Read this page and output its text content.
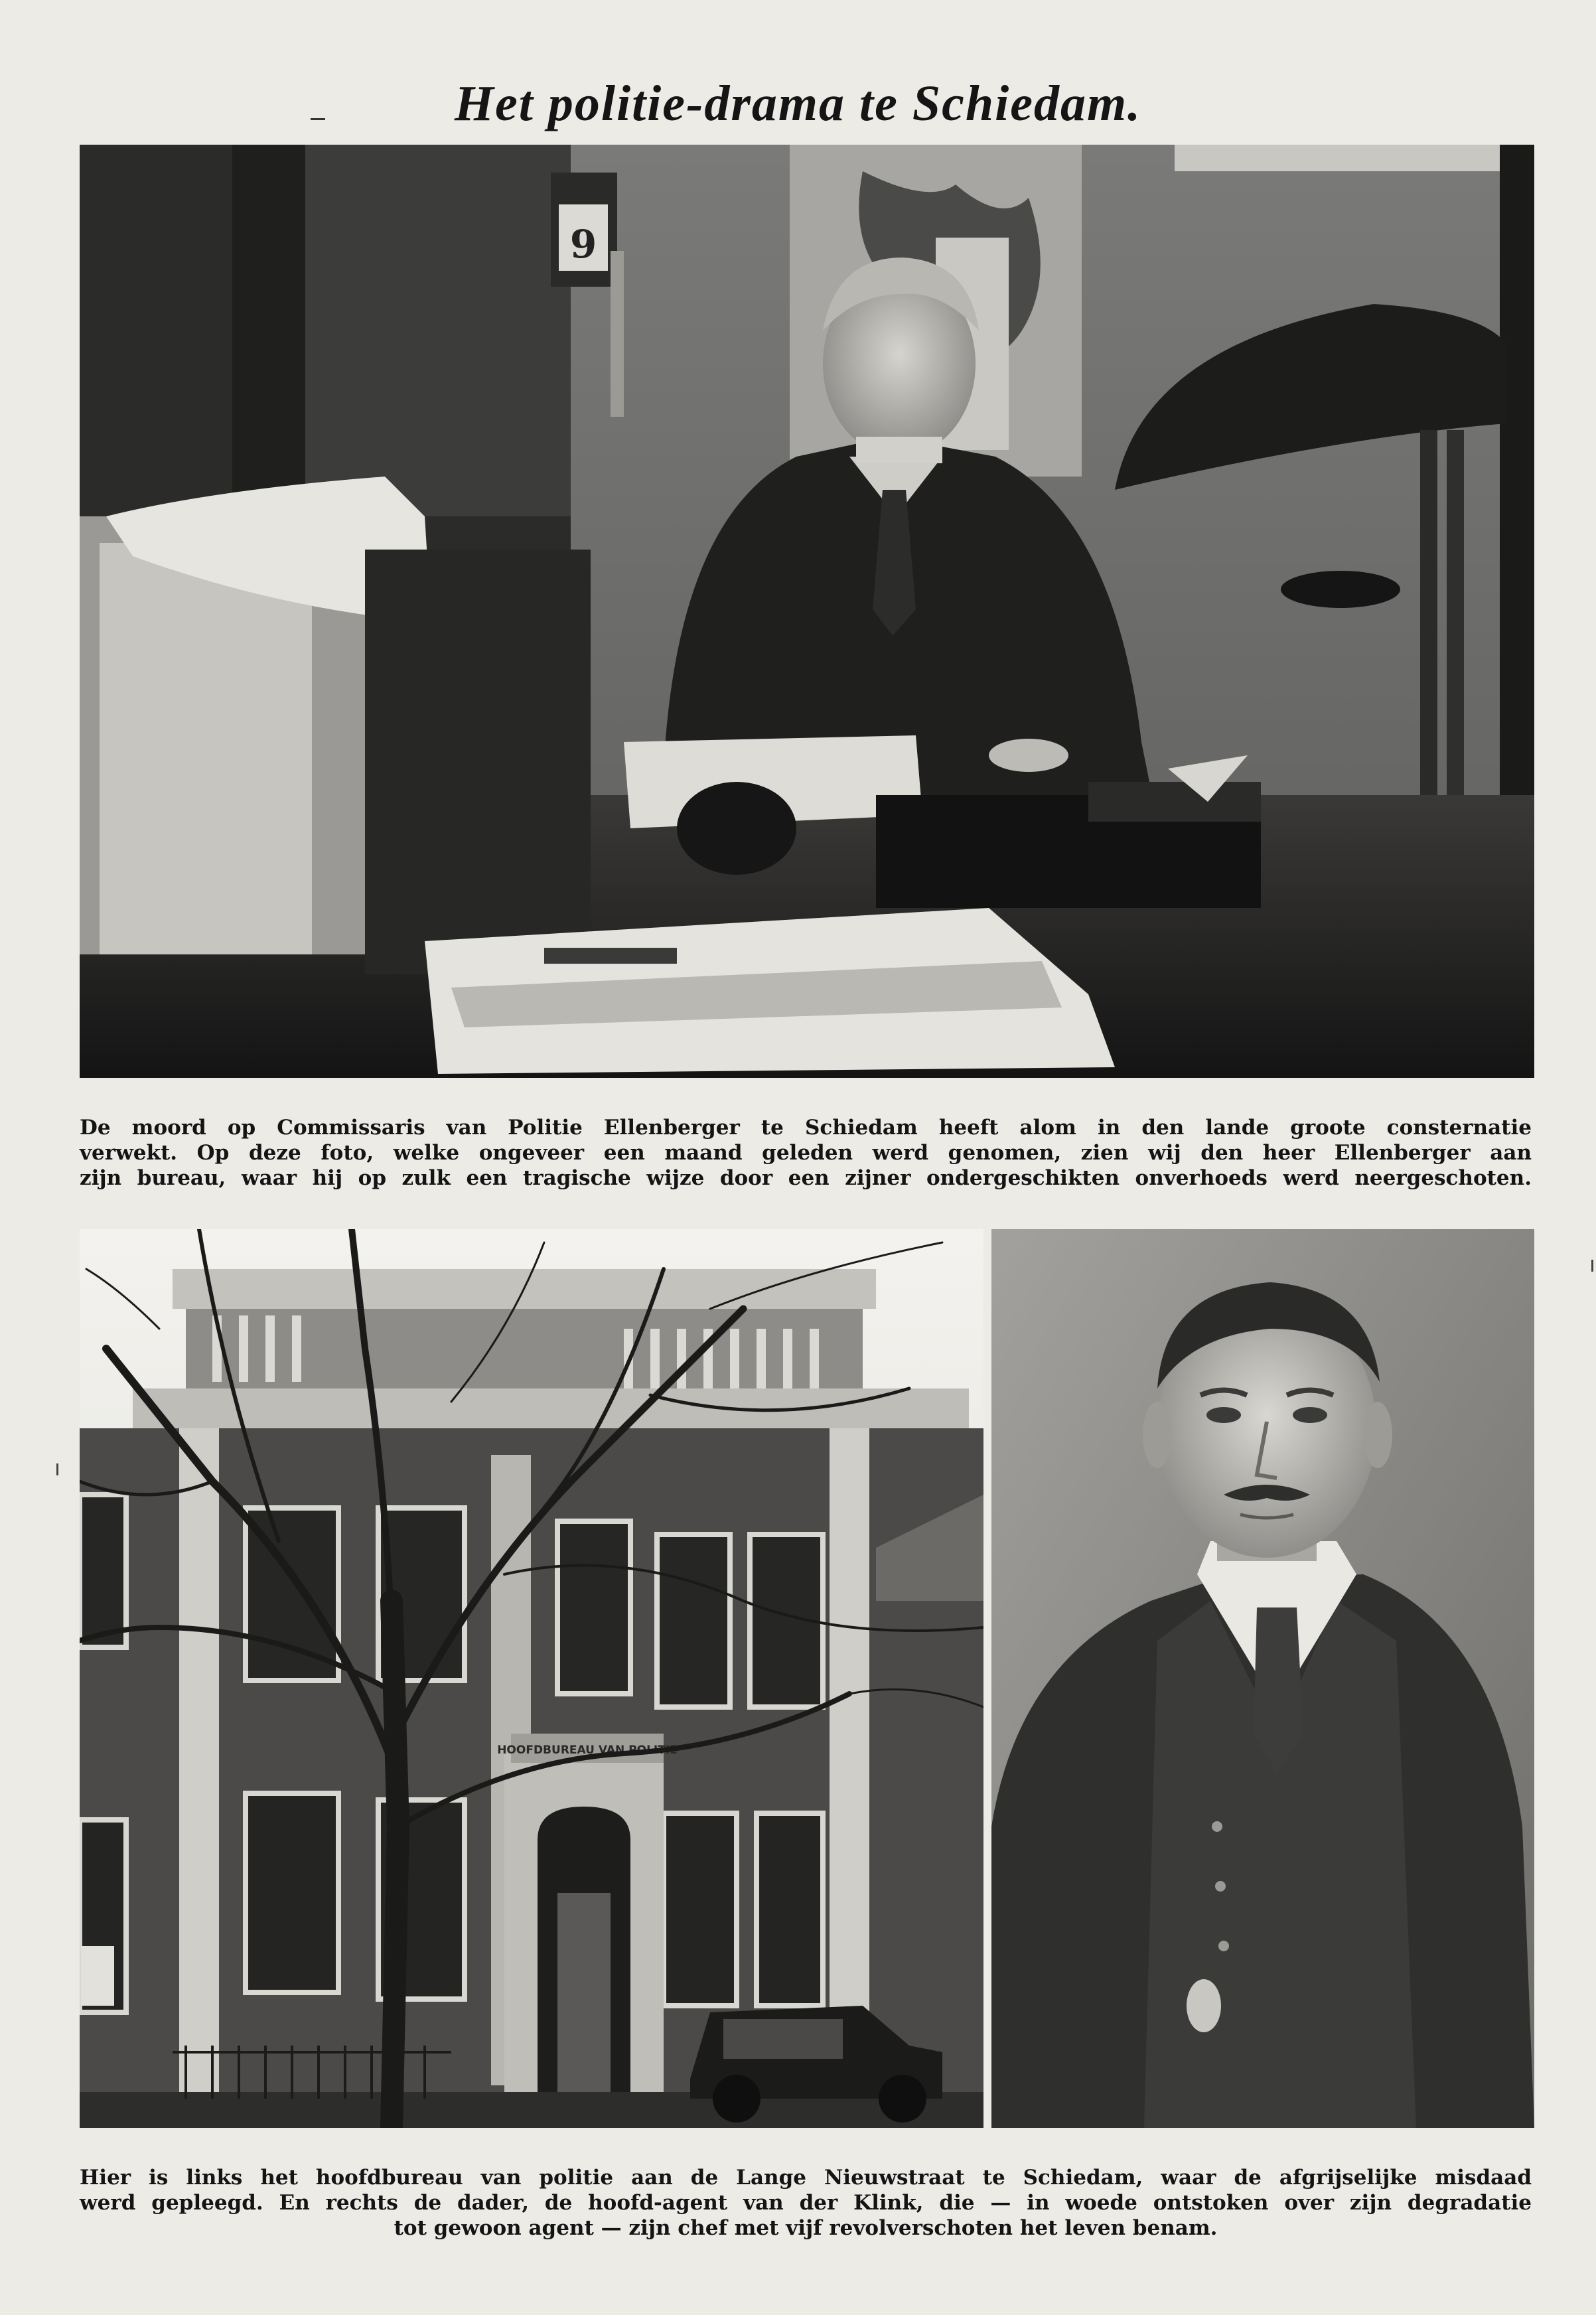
Het politie-drama te Schiedam.
9
De moord op Commissaris van Politie Ellenberger te Schiedam heeft alom in den lande groote consternatie
verwekt. Op deze foto, welke ongeveer een maand geleden werd genomen, zien wij den heer Ellenberger aan
zijn bureau, waar hij op zulk een tragische wijze door een zijner ondergeschikten onverhoeds werd neergeschoten.
HOOFDBUREAU VAN POLITIE
Hier is links het hoofdbureau van politie aan de Lange Nieuwstraat te Schiedam, waar de afgrijselijke misdaad
werd gepleegd. En rechts de dader, de hoofd-agent van der Klink, die — in woede ontstoken over zijn degradatie
tot gewoon agent — zijn chef met vijf revolverschoten het leven benam.
